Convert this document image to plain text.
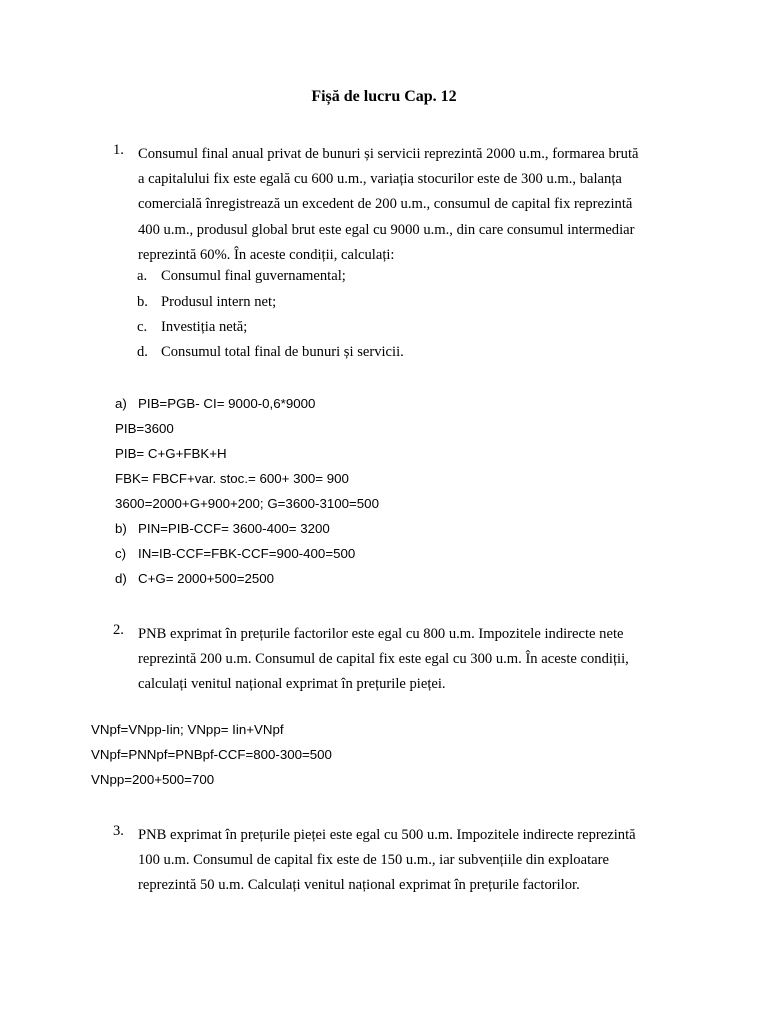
Fișă de lucru Cap. 12
1. Consumul final anual privat de bunuri și servicii reprezintă 2000 u.m., formarea brută
a capitalului fix este egală cu 600 u.m., variația stocurilor este de 300 u.m., balanța
comercială înregistrează un excedent de 200 u.m., consumul de capital fix reprezintă
400 u.m., produsul global brut este egal cu 9000 u.m., din care consumul intermediar
reprezintă 60%. În aceste condiții, calculați:
a. Consumul final guvernamental;
b. Produsul intern net;
c. Investiția netă;
d. Consumul total final de bunuri și servicii.
a) PIB=PGB- CI= 9000-0,6*9000
PIB=3600
PIB= C+G+FBK+H
FBK= FBCF+var. stoc.= 600+ 300= 900
3600=2000+G+900+200; G=3600-3100=500
b) PIN=PIB-CCF= 3600-400= 3200
c) IN=IB-CCF=FBK-CCF=900-400=500
d) C+G= 2000+500=2500
2. PNB exprimat în prețurile factorilor este egal cu 800 u.m. Impozitele indirecte nete
reprezintă 200 u.m. Consumul de capital fix este egal cu 300 u.m. În aceste condiții,
calculați venitul național exprimat în prețurile pieței.
VNpf=VNpp-Iin; VNpp= Iin+VNpf
VNpf=PNNpf=PNBpf-CCF=800-300=500
VNpp=200+500=700
3. PNB exprimat în prețurile pieței este egal cu 500 u.m. Impozitele indirecte reprezintă
100 u.m. Consumul de capital fix este de 150 u.m., iar subvențiile din exploatare
reprezintă 50 u.m. Calculați venitul național exprimat în prețurile factorilor.
